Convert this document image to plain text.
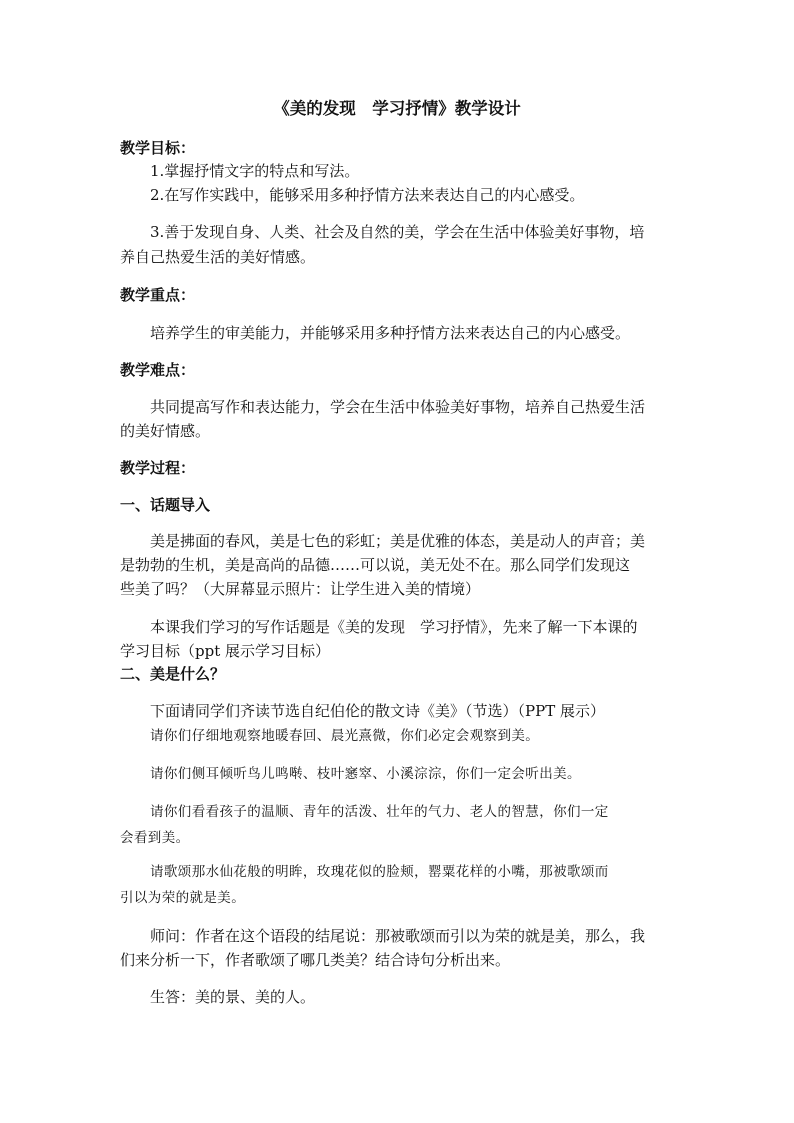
《美的发现　学习抒情》教学设计

教学目标：

1.掌握抒情文字的特点和写法。

2.在写作实践中，能够采用多种抒情方法来表达自己的内心感受。

3.善于发现自身、人类、社会及自然的美，学会在生活中体验美好事物，培

养自己热爱生活的美好情感。

教学重点：

培养学生的审美能力，并能够采用多种抒情方法来表达自己的内心感受。

教学难点：

共同提高写作和表达能力，学会在生活中体验美好事物，培养自己热爱生活

的美好情感。

教学过程：

一、话题导入

美是拂面的春风，美是七色的彩虹；美是优雅的体态，美是动人的声音；美

是勃勃的生机，美是高尚的品德……可以说，美无处不在。那么同学们发现这

些美了吗？（大屏幕显示照片：让学生进入美的情境）

本课我们学习的写作话题是《美的发现　学习抒情》，先来了解一下本课的

学习目标（ppt 展示学习目标）

二、美是什么？

下面请同学们齐读节选自纪伯伦的散文诗《美》（节选）（PPT 展示）

请你们仔细地观察地暖春回、晨光熹微，你们必定会观察到美。

请你们侧耳倾听鸟儿鸣啭、枝叶窸窣、小溪淙淙，你们一定会听出美。

请你们看看孩子的温顺、青年的活泼、壮年的气力、老人的智慧，你们一定

会看到美。

请歌颂那水仙花般的明眸，玫瑰花似的脸颊，罂粟花样的小嘴，那被歌颂而

引以为荣的就是美。

师问：作者在这个语段的结尾说：那被歌颂而引以为荣的就是美，那么，我

们来分析一下，作者歌颂了哪几类美？结合诗句分析出来。

生答：美的景、美的人。
